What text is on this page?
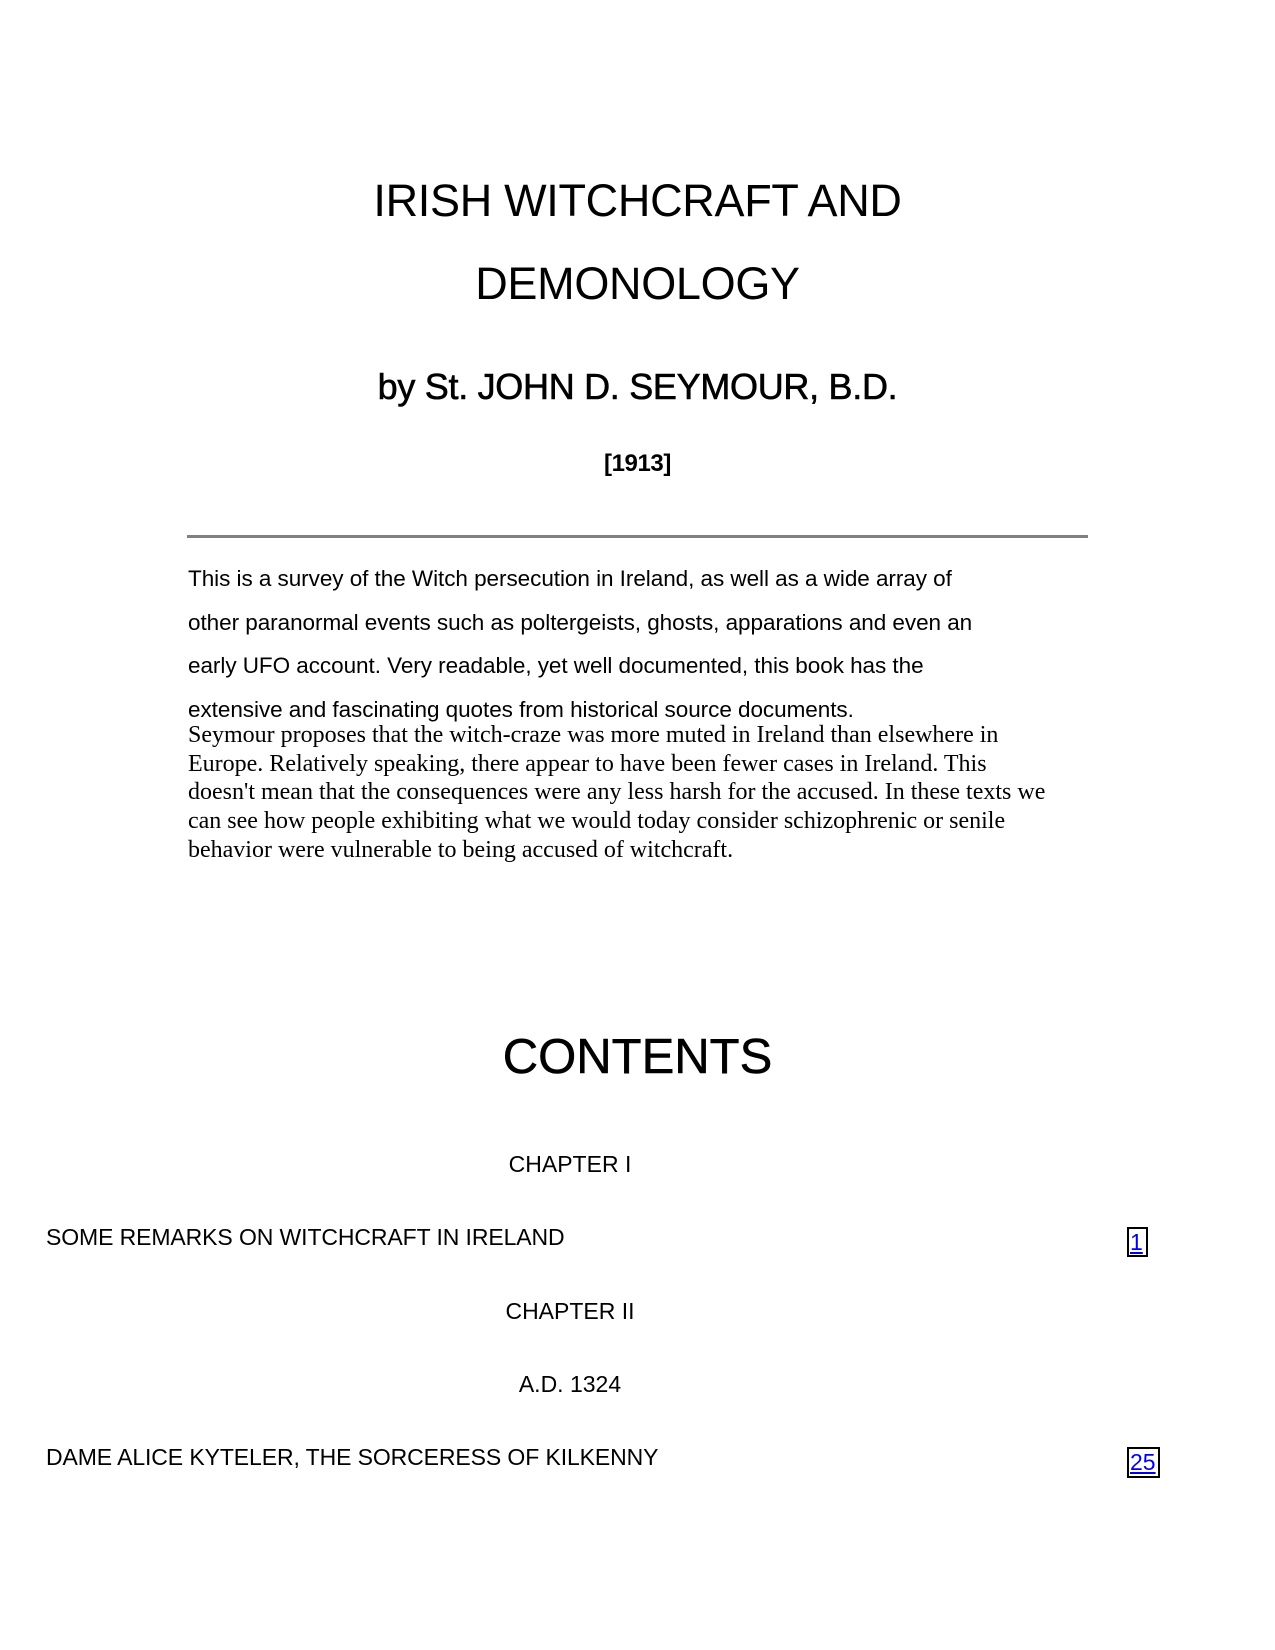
IRISH WITCHCRAFT AND
DEMONOLOGY
by St. JOHN D. SEYMOUR, B.D.
[1913]
This is a survey of the Witch persecution in Ireland, as well as a wide array of
other paranormal events such as poltergeists, ghosts, apparations and even an
early UFO account. Very readable, yet well documented, this book has the
extensive and fascinating quotes from historical source documents.
Seymour proposes that the witch-craze was more muted in Ireland than elsewhere in
Europe. Relatively speaking, there appear to have been fewer cases in Ireland. This
doesn't mean that the consequences were any less harsh for the accused. In these texts we
can see how people exhibiting what we would today consider schizophrenic or senile
behavior were vulnerable to being accused of witchcraft.
CONTENTS
CHAPTER I
SOME REMARKS ON WITCHCRAFT IN IRELAND	1
CHAPTER II
A.D. 1324
DAME ALICE KYTELER, THE SORCERESS OF KILKENNY	25
